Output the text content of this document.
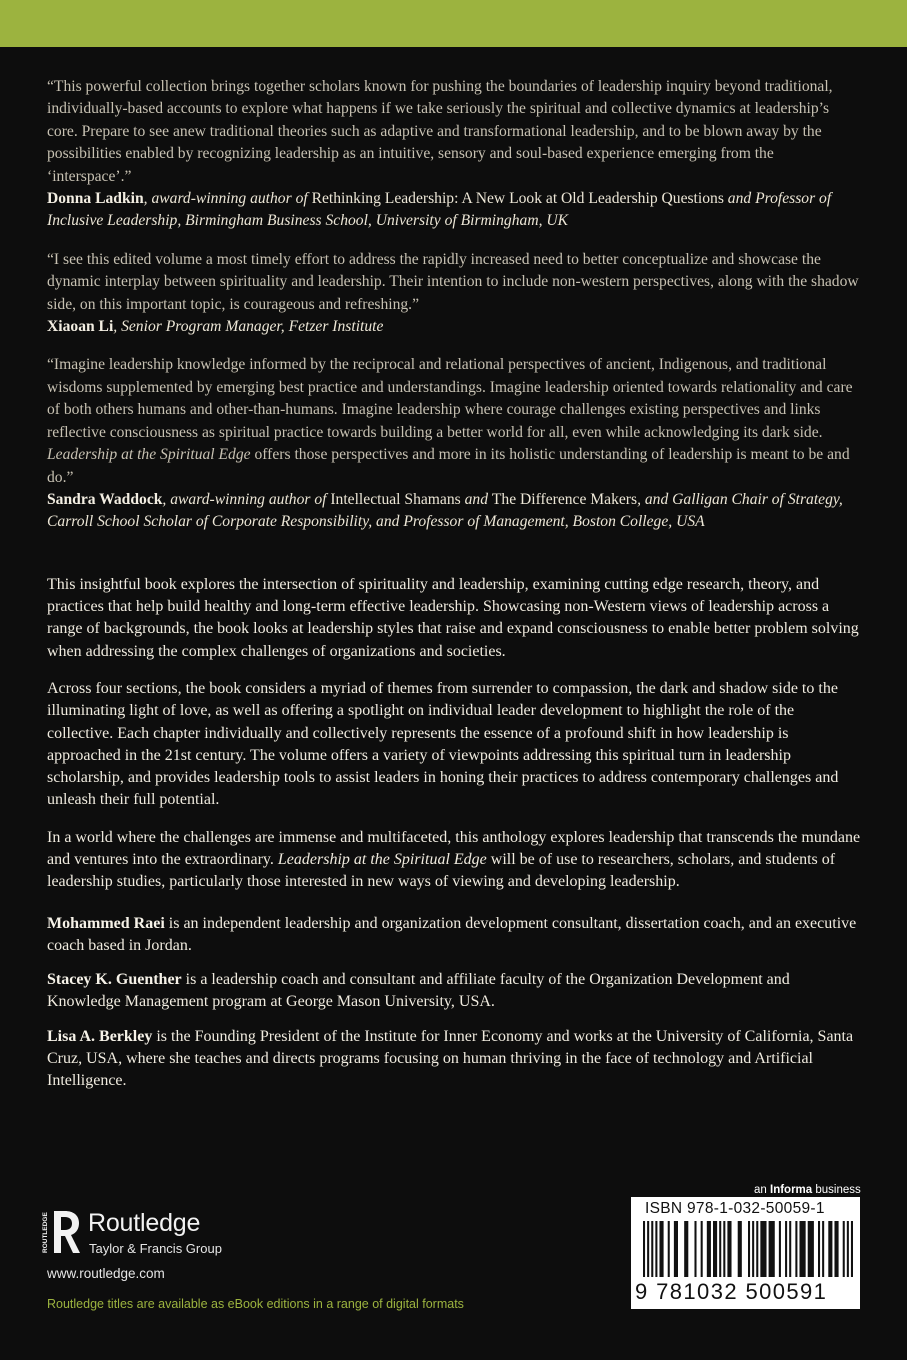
“This powerful collection brings together scholars known for pushing the boundaries of leadership inquiry beyond traditional, individually-based accounts to explore what happens if we take seriously the spiritual and collective dynamics at leadership’s core. Prepare to see anew traditional theories such as adaptive and transformational leadership, and to be blown away by the possibilities enabled by recognizing leadership as an intuitive, sensory and soul-based experience emerging from the ‘interspace’.”

Donna Ladkin, award-winning author of Rethinking Leadership: A New Look at Old Leadership Questions and Professor of Inclusive Leadership, Birmingham Business School, University of Birmingham, UK

“I see this edited volume a most timely effort to address the rapidly increased need to better conceptualize and showcase the dynamic interplay between spirituality and leadership. Their intention to include non-western perspectives, along with the shadow side, on this important topic, is courageous and refreshing.”

Xiaoan Li, Senior Program Manager, Fetzer Institute

“Imagine leadership knowledge informed by the reciprocal and relational perspectives of ancient, Indigenous, and traditional wisdoms supplemented by emerging best practice and understandings. Imagine leadership oriented towards relationality and care of both others humans and other-than-humans. Imagine leadership where courage challenges existing perspectives and links reflective consciousness as spiritual practice towards building a better world for all, even while acknowledging its dark side. Leadership at the Spiritual Edge offers those perspectives and more in its holistic understanding of leadership is meant to be and do.”

Sandra Waddock, award-winning author of Intellectual Shamans and The Difference Makers, and Galligan Chair of Strategy, Carroll School Scholar of Corporate Responsibility, and Professor of Management, Boston College, USA

This insightful book explores the intersection of spirituality and leadership, examining cutting edge research, theory, and practices that help build healthy and long-term effective leadership. Showcasing non-Western views of leadership across a range of backgrounds, the book looks at leadership styles that raise and expand consciousness to enable better problem solving when addressing the complex challenges of organizations and societies.

Across four sections, the book considers a myriad of themes from surrender to compassion, the dark and shadow side to the illuminating light of love, as well as offering a spotlight on individual leader development to highlight the role of the collective. Each chapter individually and collectively represents the essence of a profound shift in how leadership is approached in the 21st century. The volume offers a variety of viewpoints addressing this spiritual turn in leadership scholarship, and provides leadership tools to assist leaders in honing their practices to address contemporary challenges and unleash their full potential.

In a world where the challenges are immense and multifaceted, this anthology explores leadership that transcends the mundane and ventures into the extraordinary. Leadership at the Spiritual Edge will be of use to researchers, scholars, and students of leadership studies, particularly those interested in new ways of viewing and developing leadership.

Mohammed Raei is an independent leadership and organization development consultant, dissertation coach, and an executive coach based in Jordan.

Stacey K. Guenther is a leadership coach and consultant and affiliate faculty of the Organization Development and Knowledge Management program at George Mason University, USA.

Lisa A. Berkley is the Founding President of the Institute for Inner Economy and works at the University of California, Santa Cruz, USA, where she teaches and directs programs focusing on human thriving in the face of technology and Artificial Intelligence.

ROUTLEDGE Routledge
Taylor & Francis Group
www.routledge.com
Routledge titles are available as eBook editions in a range of digital formats
an Informa business
ISBN 978-1-032-50059-1
9 781032 500591
